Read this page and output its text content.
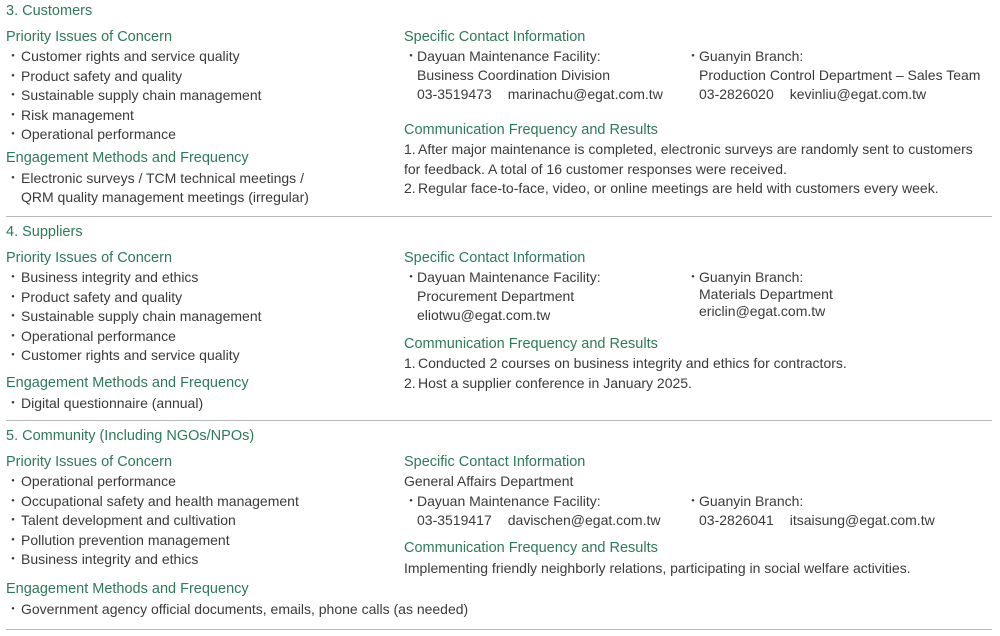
3. Customers
Priority Issues of Concern
・Customer rights and service quality
・Product safety and quality
・Sustainable supply chain management
・Risk management
・Operational performance
Engagement Methods and Frequency
・Electronic surveys / TCM technical meetings /
QRM quality management meetings (irregular)
Specific Contact Information
・Dayuan Maintenance Facility:
Business Coordination Division
03-3519473 marinachu@egat.com.tw
・Guanyin Branch:
Production Control Department – Sales Team
03-2826020 kevinliu@egat.com.tw
Communication Frequency and Results
1. After major maintenance is completed, electronic surveys are randomly sent to customers
for feedback. A total of 16 customer responses were received.
2. Regular face-to-face, video, or online meetings are held with customers every week.
4. Suppliers
Priority Issues of Concern
・Business integrity and ethics
・Product safety and quality
・Sustainable supply chain management
・Operational performance
・Customer rights and service quality
Engagement Methods and Frequency
・Digital questionnaire (annual)
Specific Contact Information
・Dayuan Maintenance Facility:
Procurement Department
eliotwu@egat.com.tw
・Guanyin Branch:
Materials Department
ericlin@egat.com.tw
Communication Frequency and Results
1. Conducted 2 courses on business integrity and ethics for contractors.
2. Host a supplier conference in January 2025.
5. Community (Including NGOs/NPOs)
Priority Issues of Concern
・Operational performance
・Occupational safety and health management
・Talent development and cultivation
・Pollution prevention management
・Business integrity and ethics
Engagement Methods and Frequency
・Government agency official documents, emails, phone calls (as needed)
Specific Contact Information
General Affairs Department
・Dayuan Maintenance Facility:
03-3519417 davischen@egat.com.tw
・Guanyin Branch:
03-2826041 itsaisung@egat.com.tw
Communication Frequency and Results
Implementing friendly neighborly relations, participating in social welfare activities.
